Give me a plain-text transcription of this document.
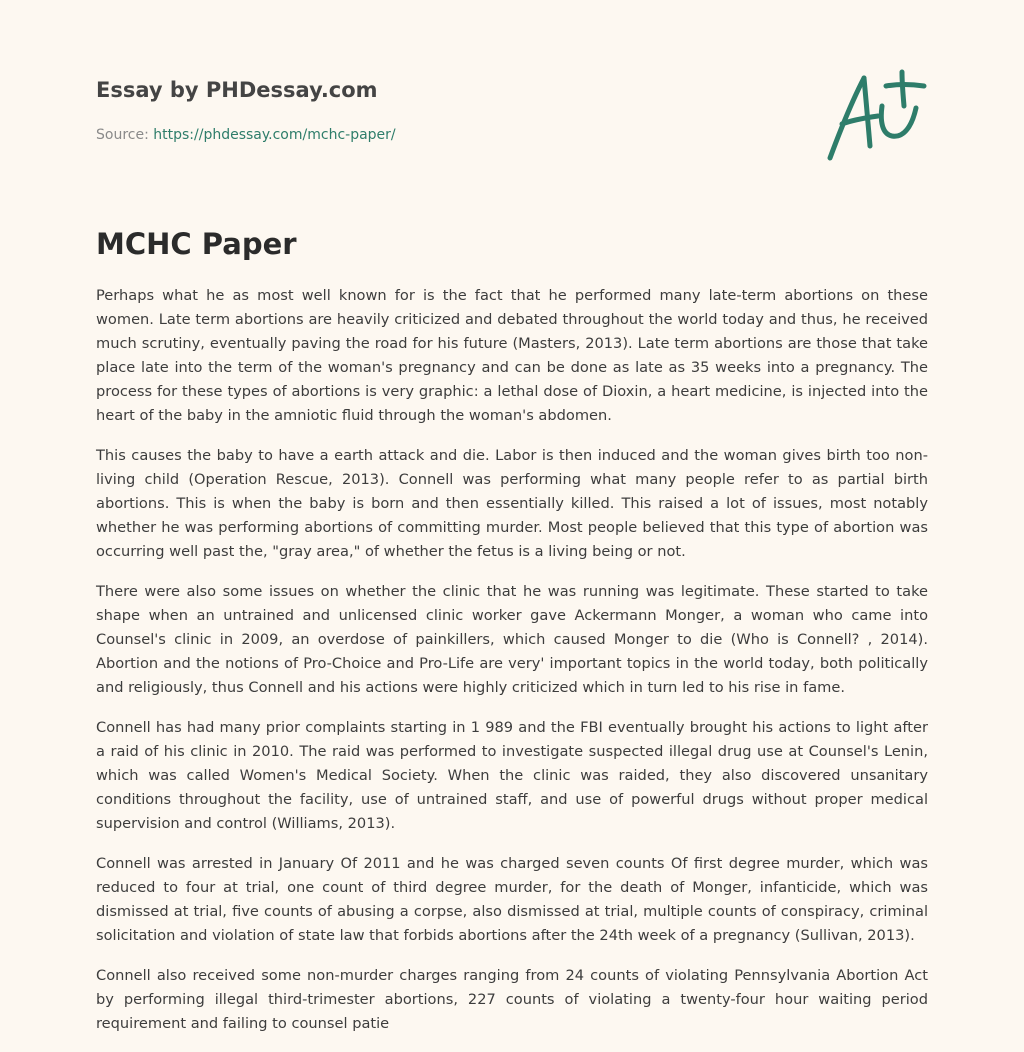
Essay by PHDessay.com
Source: https://phdessay.com/mchc-paper/
MCHC Paper

Perhaps what he as most well known for is the fact that he performed many late-term abortions on these women. Late term abortions are heavily criticized and debated throughout the world today and thus, he received much scrutiny, eventually paving the road for his future (Masters, 2013). Late term abortions are those that take place late into the term of the woman's pregnancy and can be done as late as 35 weeks into a pregnancy. The process for these types of abortions is very graphic: a lethal dose of Dioxin, a heart medicine, is injected into the heart of the baby in the amniotic fluid through the woman's abdomen.

This causes the baby to have a earth attack and die. Labor is then induced and the woman gives birth too non-living child (Operation Rescue, 2013). Connell was performing what many people refer to as partial birth abortions. This is when the baby is born and then essentially killed. This raised a lot of issues, most notably whether he was performing abortions of committing murder. Most people believed that this type of abortion was occurring well past the, "gray area," of whether the fetus is a living being or not.

There were also some issues on whether the clinic that he was running was legitimate. These started to take shape when an untrained and unlicensed clinic worker gave Ackermann Monger, a woman who came into Counsel's clinic in 2009, an overdose of painkillers, which caused Monger to die (Who is Connell? , 2014). Abortion and the notions of Pro-Choice and Pro-Life are very' important topics in the world today, both politically and religiously, thus Connell and his actions were highly criticized which in turn led to his rise in fame.

Connell has had many prior complaints starting in 1 989 and the FBI eventually brought his actions to light after a raid of his clinic in 2010. The raid was performed to investigate suspected illegal drug use at Counsel's Lenin, which was called Women's Medical Society. When the clinic was raided, they also discovered unsanitary conditions throughout the facility, use of untrained staff, and use of powerful drugs without proper medical supervision and control (Williams, 2013).

Connell was arrested in January Of 2011 and he was charged seven counts Of first degree murder, which was reduced to four at trial, one count of third degree murder, for the death of Monger, infanticide, which was dismissed at trial, five counts of abusing a corpse, also dismissed at trial, multiple counts of conspiracy, criminal solicitation and violation of state law that forbids abortions after the 24th week of a pregnancy (Sullivan, 2013).

Connell also received some non-murder charges ranging from 24 counts of violating Pennsylvania Abortion Act by performing illegal third-trimester abortions, 227 counts of violating a twenty-four hour waiting period requirement and failing to counsel patie
